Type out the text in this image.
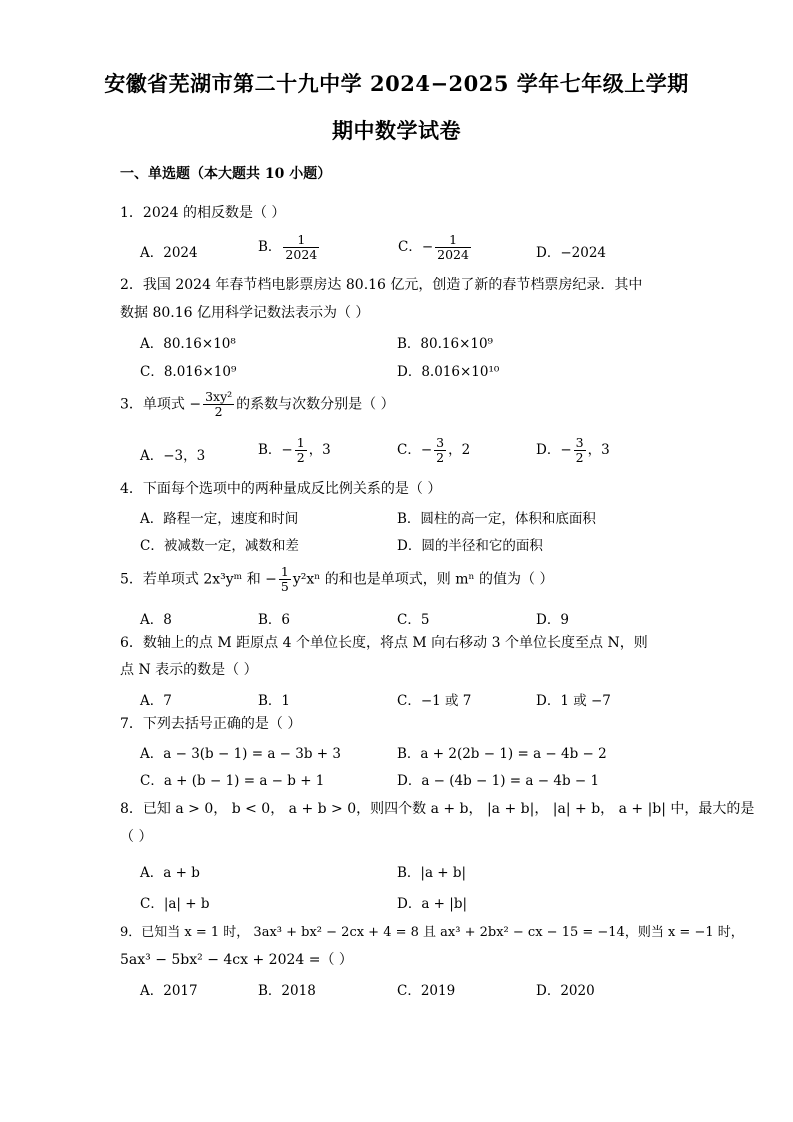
安徽省芜湖市第二十九中学 2024−2025 学年七年级上学期
期中数学试卷
一、单选题（本大题共 10 小题）
1．2024 的相反数是（ ）
A．2024	B． $\frac{1}{2024}$	C．− $\frac{1}{2024}$	D．−2024
2．我国 2024 年春节档电影票房达 80.16 亿元，创造了新的春节档票房纪录．其中
数据 80.16 亿用科学记数法表示为（ ）
A．80.16×10⁸	B．80.16×10⁹
C．8.016×10⁹	D．8.016×10¹⁰
3．单项式 − $\frac{\text{3xy²}}{2}$ 的系数与次数分别是（ ）
A．−3，3	B．− $\frac{1}{2}$ ，3	C．− $\frac{3}{2}$ ，2	D．− $\frac{3}{2}$ ，3
4．下面每个选项中的两种量成反比例关系的是（ ）
A．路程一定，速度和时间	B．圆柱的高一定，体积和底面积
C．被减数一定，减数和差	D．圆的半径和它的面积
5．若单项式 2x³yᵐ 和 − $\frac{1}{5} y^2x^n$ 的和也是单项式，则 mⁿ 的值为（ ）
A．8	B．6	C．5	D．9
6．数轴上的点 M 距原点 4 个单位长度，将点 M 向右移动 3 个单位长度至点 N，则
点 N 表示的数是（ ）
A．7	B．1	C．−1 或 7	D．1 或 −7
7．下列去括号正确的是（ ）
A．a − 3(b − 1) = a − 3b + 3	B．a + 2(2b − 1) = a − 4b − 2
C．a + (b − 1) = a − b + 1	D．a − (4b − 1) = a − 4b − 1
8．已知 a > 0， b < 0， a + b > 0，则四个数 a + b， |a + b|， |a| + b， a + |b| 中，最大的是
（ ）
A．a + b	B．|a + b|
C．|a| + b	D．a + |b|
9．已知当 x = 1 时， 3ax³ + bx² − 2cx + 4 = 8 且 ax³ + 2bx² − cx − 15 = −14，则当 x = −1 时，
5ax³ − 5bx² − 4cx + 2024 =（ ）
A．2017	B．2018	C．2019	D．2020
